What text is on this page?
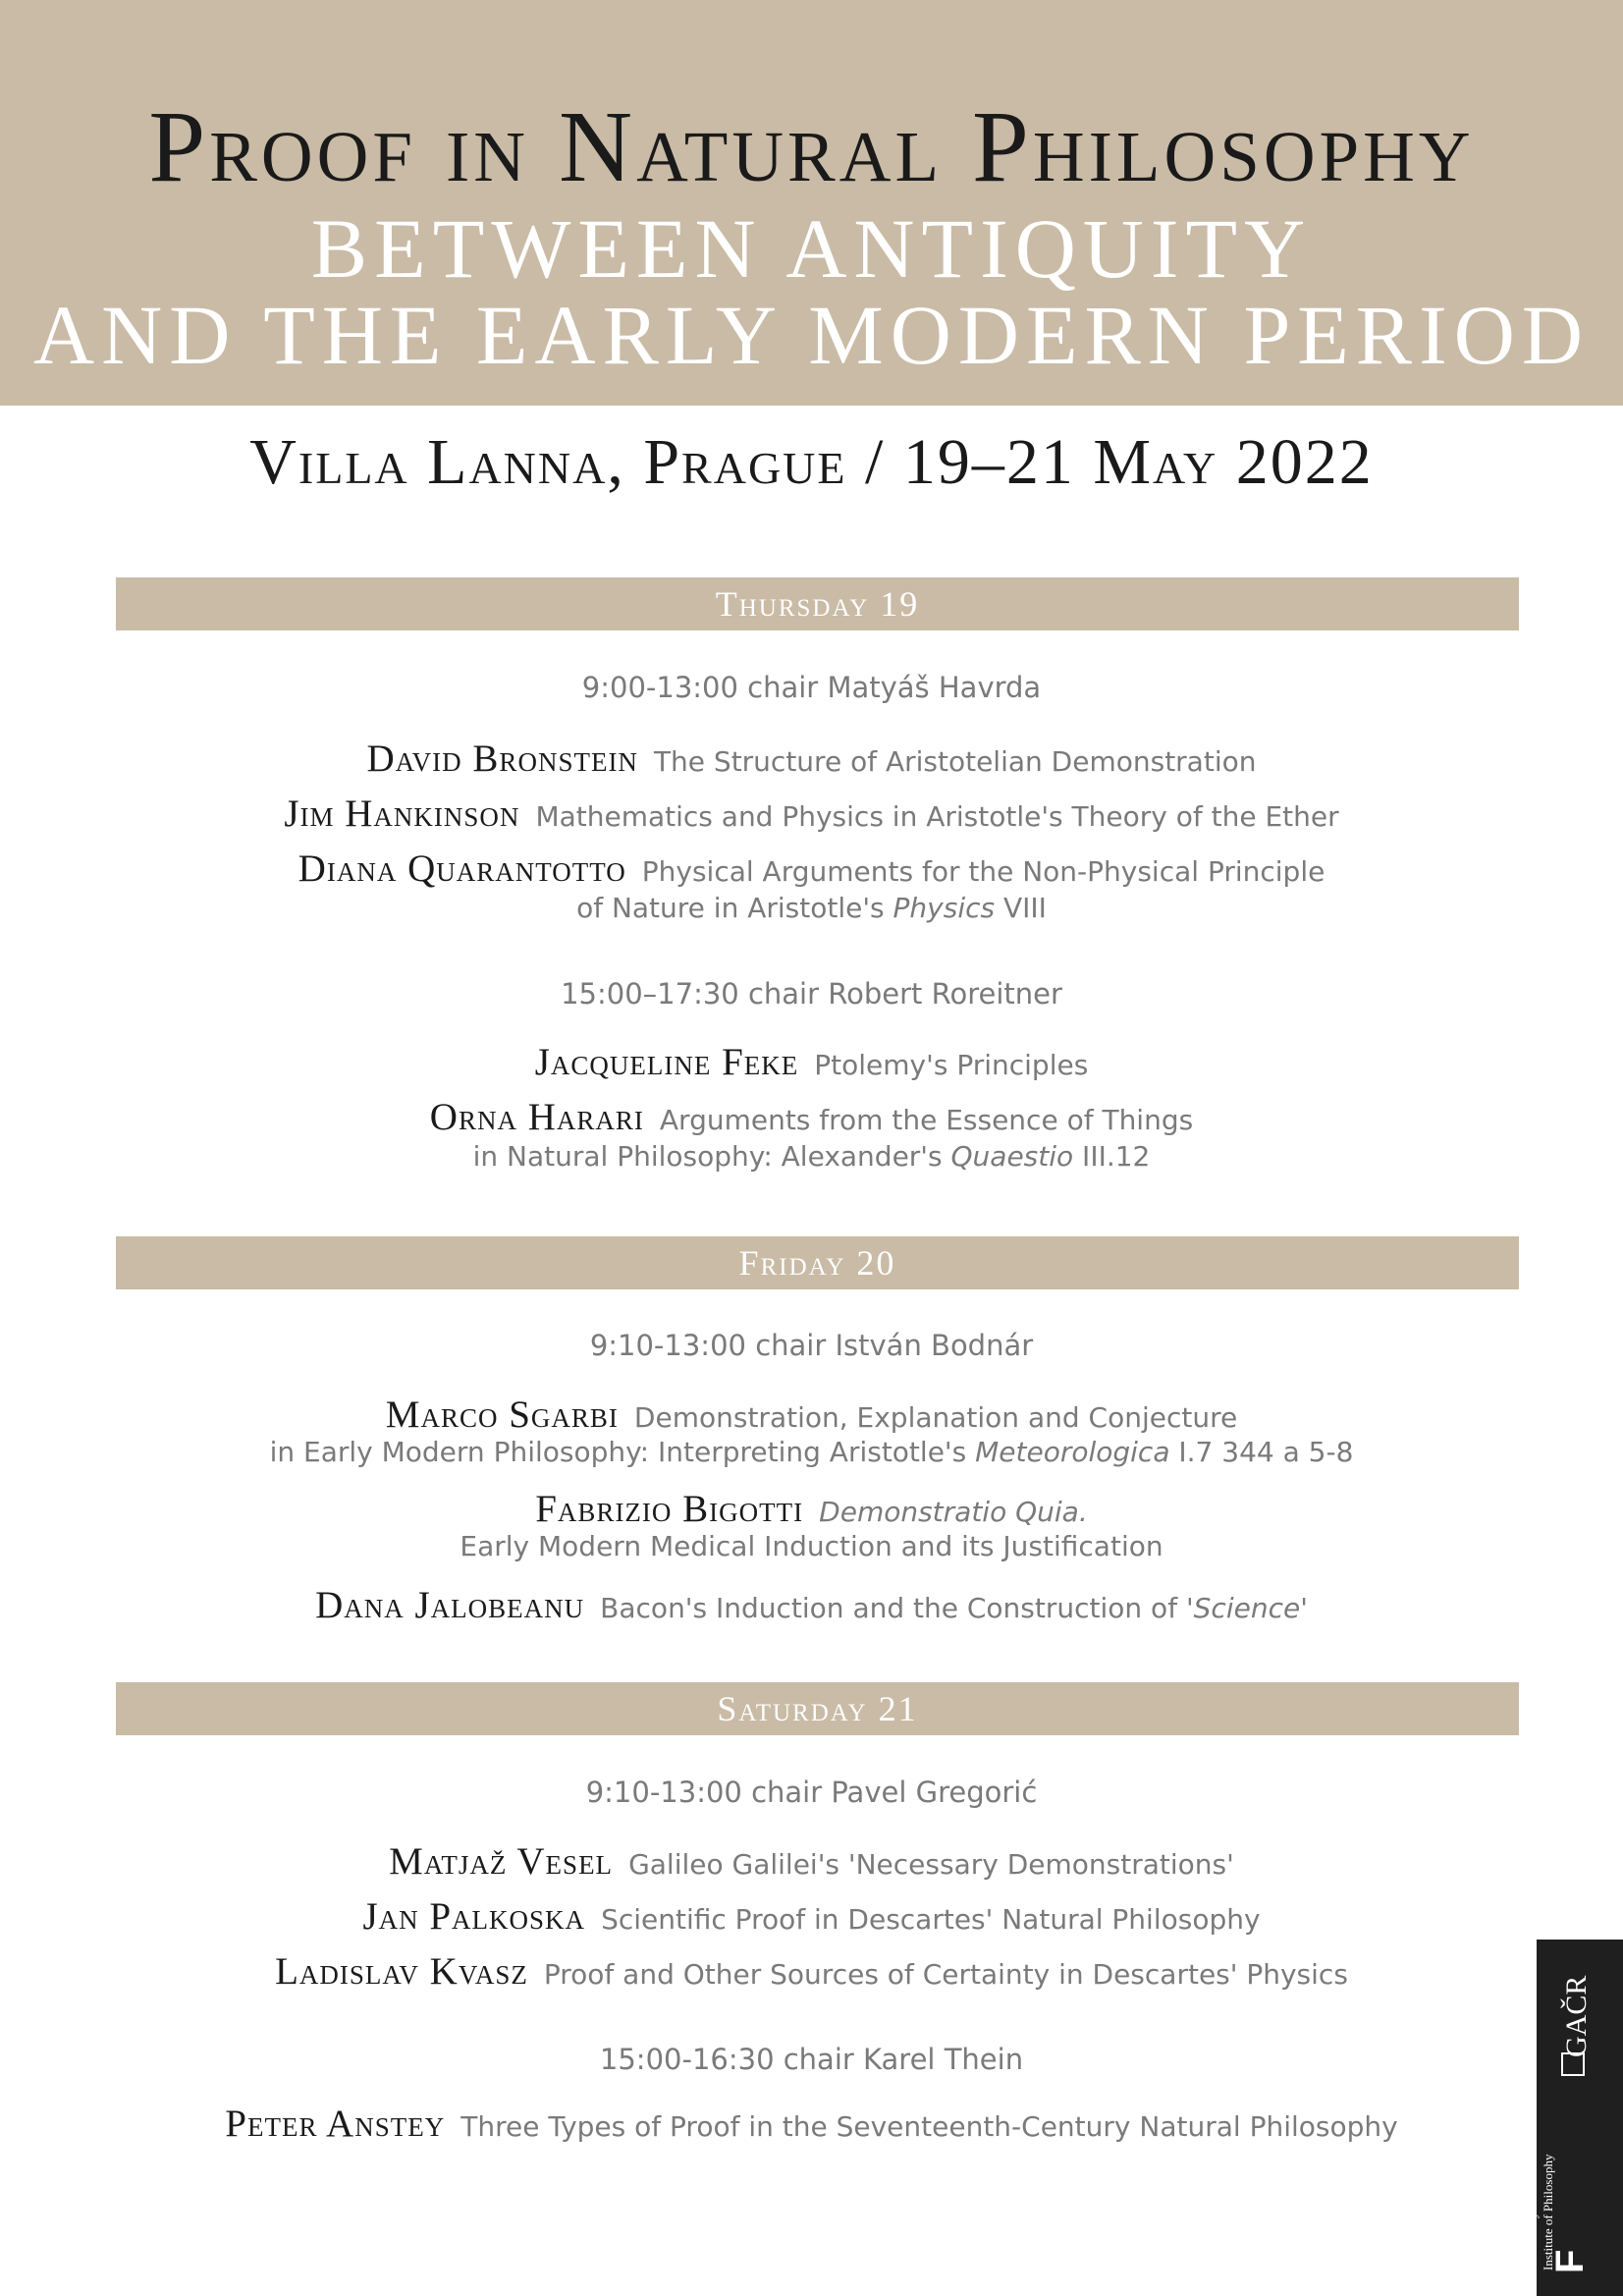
Proof in Natural Philosophy
BETWEEN ANTIQUITY
AND THE EARLY MODERN PERIOD
Villa Lanna, Prague / 19–21 May 2022
Thursday 19
9:00-13:00 chair Matyáš Havrda
David Bronstein The Structure of Aristotelian Demonstration
Jim Hankinson Mathematics and Physics in Aristotle's Theory of the Ether
Diana Quarantotto Physical Arguments for the Non-Physical Principle
of Nature in Aristotle's Physics VIII
15:00–17:30 chair Robert Roreitner
Jacqueline Feke Ptolemy's Principles
Orna Harari Arguments from the Essence of Things
in Natural Philosophy: Alexander's Quaestio III.12
Friday 20
9:10-13:00 chair István Bodnár
Marco Sgarbi Demonstration, Explanation and Conjecture
in Early Modern Philosophy: Interpreting Aristotle's Meteorologica I.7 344 a 5-8
Fabrizio Bigotti Demonstratio Quia.
Early Modern Medical Induction and its Justification
Dana Jalobeanu Bacon's Induction and the Construction of 'Science'
Saturday 21
9:10-13:00 chair Pavel Gregorić
Matjaž Vesel Galileo Galilei's 'Necessary Demonstrations'
Jan Palkoska Scientific Proof in Descartes' Natural Philosophy
Ladislav Kvasz Proof and Other Sources of Certainty in Descartes' Physics
15:00-16:30 chair Karel Thein
Peter Anstey Three Types of Proof in the Seventeenth-Century Natural Philosophy
GAČR
Filosofický ústav AV ČR Institute of Philosophy
F
